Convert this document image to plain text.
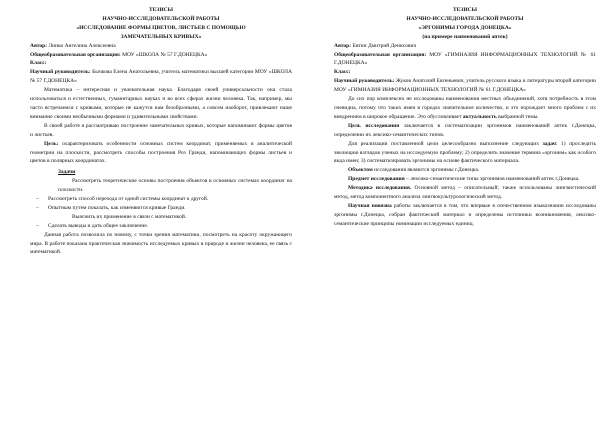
ТЕЗИСЫ
НАУЧНО-ИССЛЕДОВАТЕЛЬСКОЙ РАБОТЫ
«ИССЛЕДОВАНИЕ ФОРМЫ ЦВЕТОВ, ЛИСТЬЕВ С ПОМОЩЬЮ
ЗАМЕЧАТЕЛЬНЫХ КРИВЫХ»

Автор: Линко Ангелина Алексеевна

Общеобразовательная организация: МОУ «ШКОЛА № 57 Г.ДОНЕЦКА»

Класс:

Научный руководитель: Бычкова Елена Анатольевна, учитель математики высшей категории МОУ «ШКОЛА № 57 Г.ДОНЕЦКА»

Математика – интересная и увлекательная наука. Благодаря своей универсальности она стала использоваться и естественных, гуманитарных науках и во всех сферах жизни человека. Так, например, мы часто встречаемся с кривыми, которые не кажутся нам безобразными, а совсем наоборот, привлекают наше внимание своими необычными формами и удивительными свойствами.

В своей работе я рассматриваю построение замечательных кривых, которые напоминают формы цветов и листьев.

Цель: охарактеризовать особенности основных систем координат, применяемых в аналитической геометрии на плоскости, рассмотреть способы построения Роз Гранди, напоминающих формы листьев и цветов в полярных координатах.

Задачи

Рассмотреть теоретические основы построения объектов в основных системах координат на плоскости.

– Рассмотреть способ перехода от одной системы координат к другой.

– Опытным путем показать, как изменяются кривые Гранди.

Выяснить их применение в связи с математикой.

– Сделать выводы и дать общее заключение.

Данная работа позволила по новому, с точки зрения математики, посмотреть на красоту окружающего мира. В работе показана практическая значимость исследуемых кривых в природе и жизни человека, ее связь с математикой.

ТЕЗИСЫ
НАУЧНО-ИССЛЕДОВАТЕЛЬСКОЙ РАБОТЫ
«ЭРГОНИМЫ ГОРОДА ДОНЕЦКА»
(на примере наименований аптек)

Автор: Евтин Дмитрий Денисович

Общеобразовательная организация: МОУ «ГИМНАЗИЯ ИНФОРМАЦИОННЫХ ТЕХНОЛОГИЙ № 61 Г.ДОНЕЦКА»

Класс:

Научный руководитель: Жуков Анатолий Евгеньевич, учитель русского языка и литературы второй категории МОУ «ГИМНАЗИЯ ИНФОРМАЦИОННЫХ ТЕХНОЛОГИЙ № 61 Г.ДОНЕЦКА»

До сих пор комплексно не исследованы наименования местных объединений, хотя потребность в этом очевидна, потому что таких имен в городах значительное количество, и это порождает много проблем с их внедрением в широкое обращение. Это обусловливает актуальность выбранной темы.

Цель исследования заключается в систематизации эргонимов наименований аптек г.Донецка, определении их лексико-семантических типов.

Для реализации поставленной цели целесообразно выполнение следующих задач: 1) проследить эволюцию взглядов ученых на исследуемую проблему; 2) определить значение термина «эргоним» как особого вида имен; 3) систематизировать эргонимы на основе фактического материала.

Объектом исследования являются эргонимы г.Донецка.

Предмет исследования – лексико-семантические типы эргонимов наименований аптек г.Донецка.

Методика исследования. Основной метод – описательный; также использованы лингвистический метод, метод компонентного анализа лингвокультурологический метод.

Научная новизна работы заключается в том, что впервые в отечественном языкознании исследованы эргонимы г.Донецка, собран фактический материал и определены источники возникновения, лексико-семантические принципы номинации исследуемых единиц.
